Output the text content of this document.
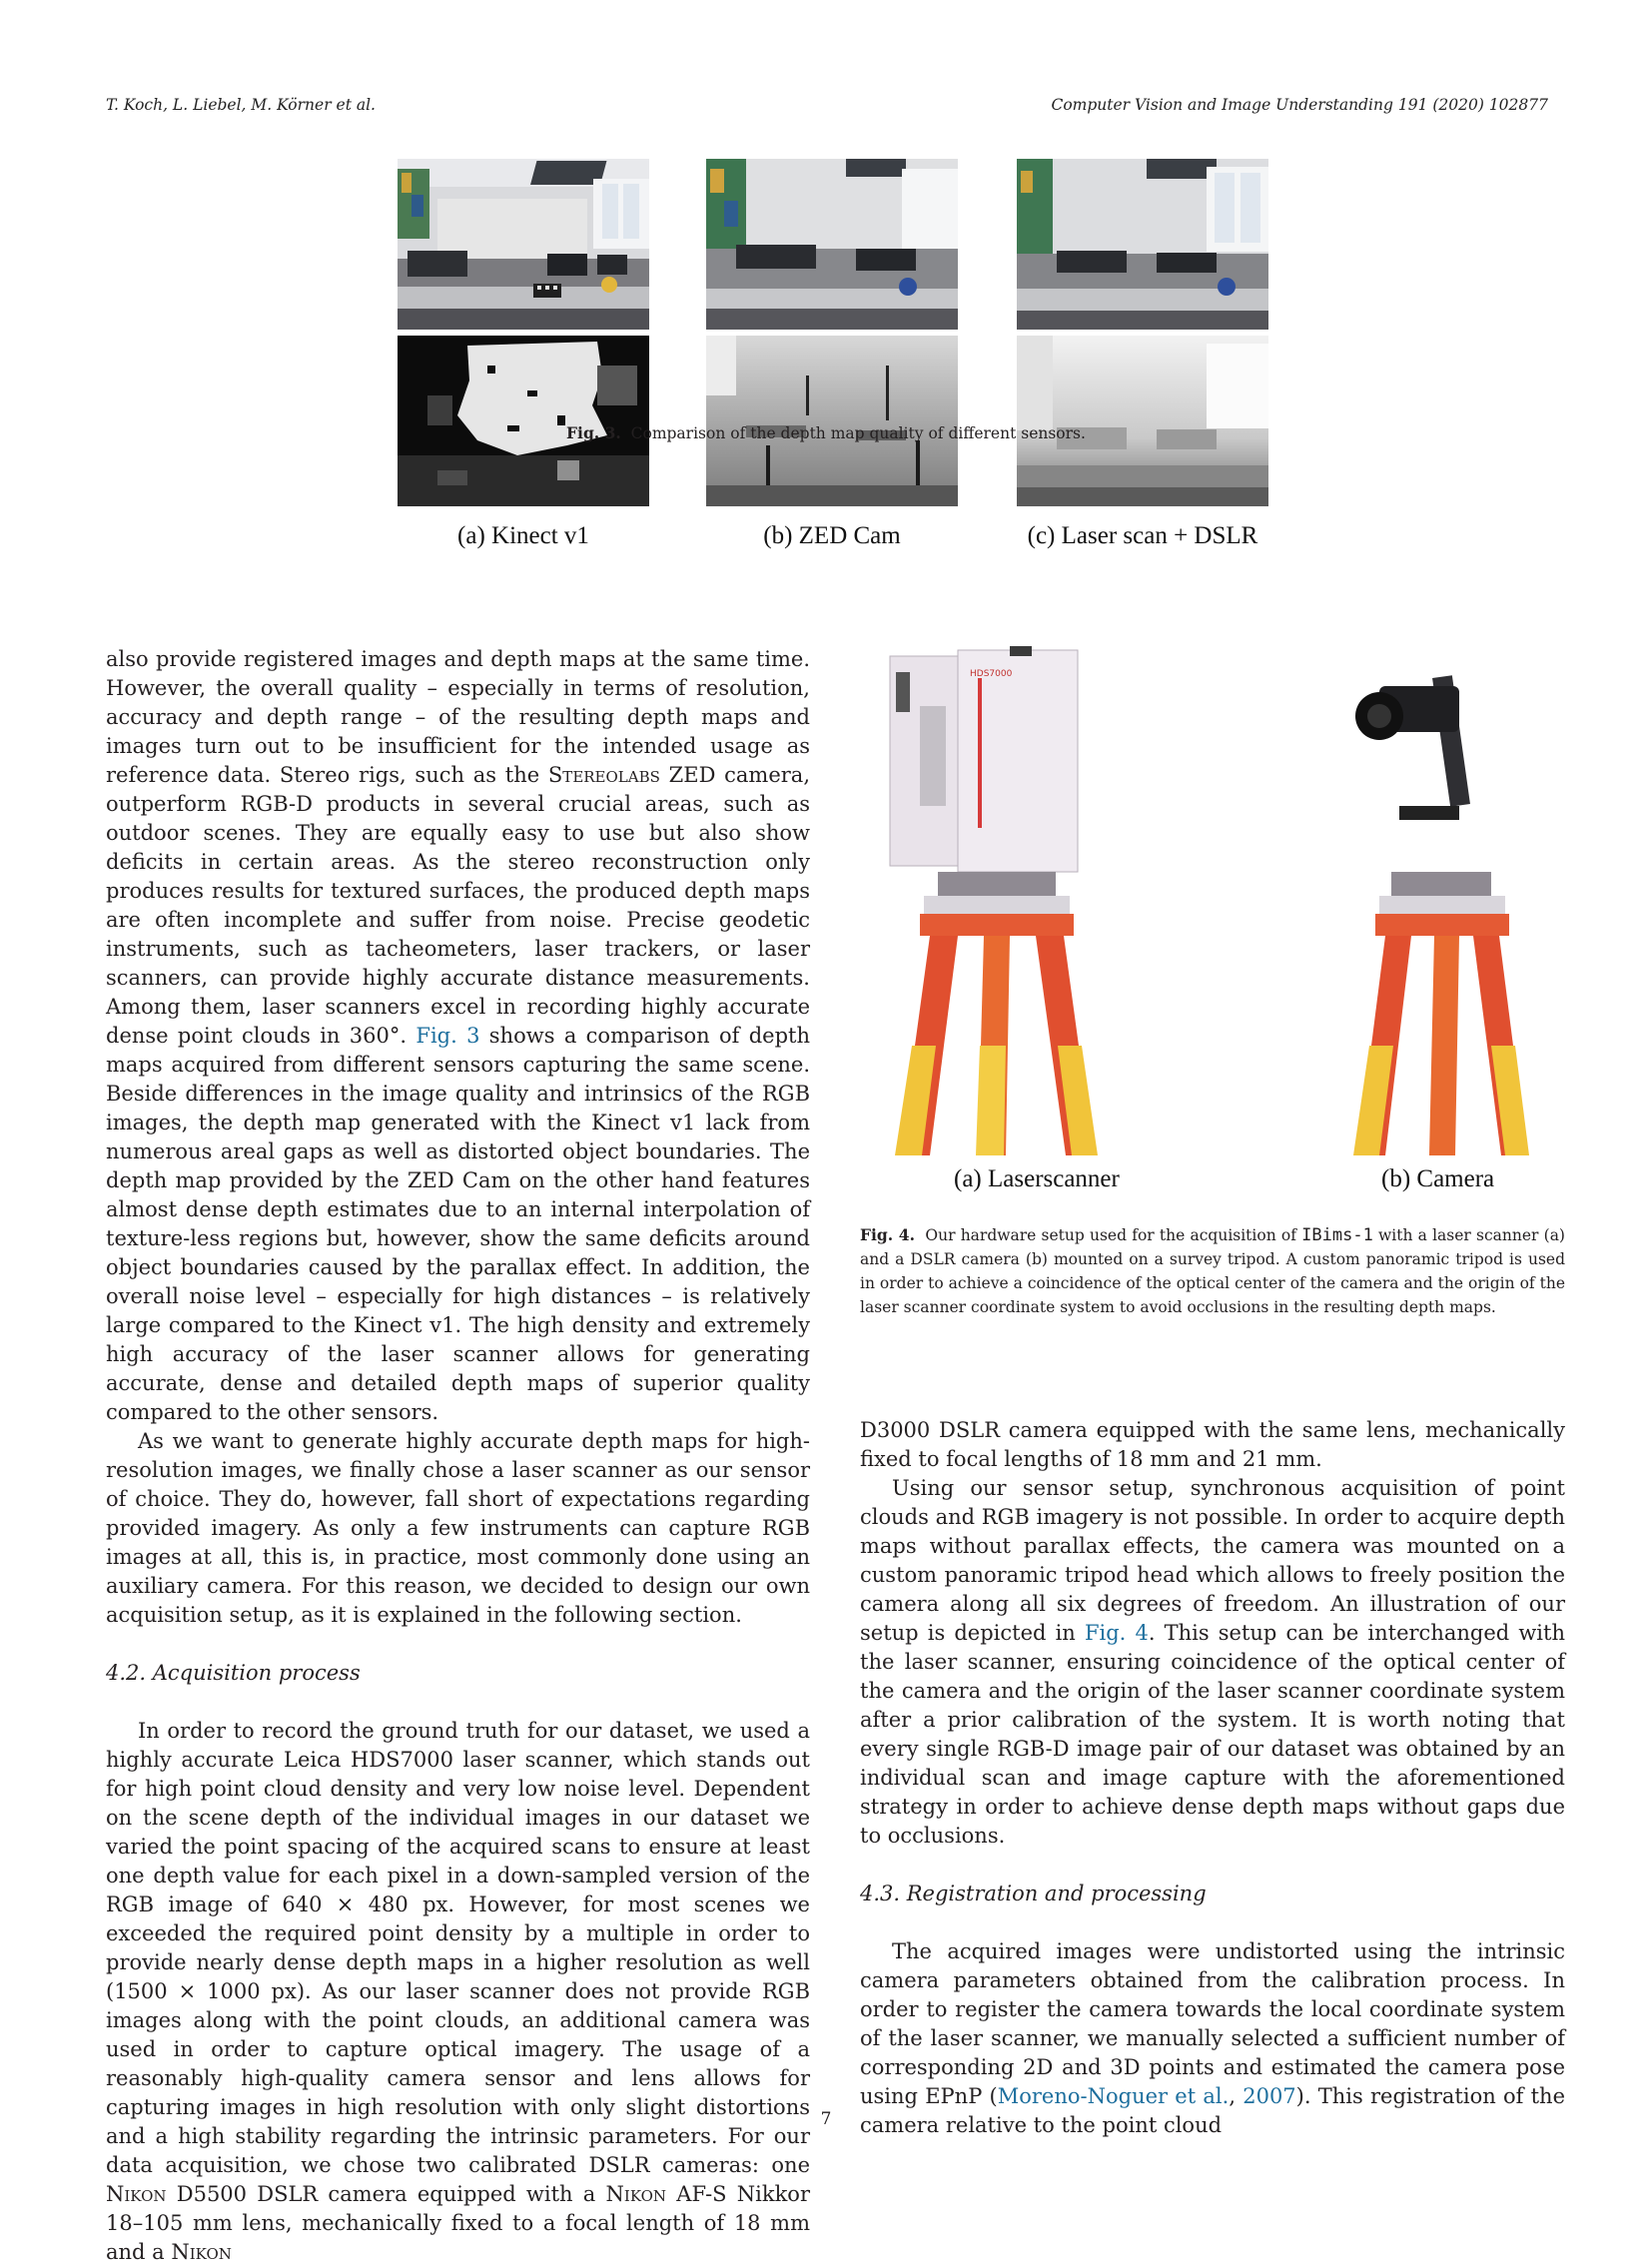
T. Koch, L. Liebel, M. Körner et al.	Computer Vision and Image Understanding 191 (2020) 102877
(a) Kinect v1	(b) ZED Cam	(c) Laser scan + DSLR
Fig. 3. Comparison of the depth map quality of different sensors.

also provide registered images and depth maps at the same time. However, the overall quality – especially in terms of resolution, accuracy and depth range – of the resulting depth maps and images turn out to be insufficient for the intended usage as reference data. Stereo rigs, such as the Stereolabs ZED camera, outperform RGB-D products in several crucial areas, such as outdoor scenes. They are equally easy to use but also show deficits in certain areas. As the stereo reconstruction only produces results for textured surfaces, the produced depth maps are often incomplete and suffer from noise. Precise geodetic instruments, such as tacheometers, laser trackers, or laser scanners, can provide highly accurate distance measurements. Among them, laser scanners excel in recording highly accurate dense point clouds in 360°. Fig. 3 shows a comparison of depth maps acquired from different sensors capturing the same scene. Beside differences in the image quality and intrinsics of the RGB images, the depth map generated with the Kinect v1 lack from numerous areal gaps as well as distorted object boundaries. The depth map provided by the ZED Cam on the other hand features almost dense depth estimates due to an internal interpolation of texture-less regions but, however, show the same deficits around object boundaries caused by the parallax effect. In addition, the overall noise level – especially for high distances – is relatively large compared to the Kinect v1. The high density and extremely high accuracy of the laser scanner allows for generating accurate, dense and detailed depth maps of superior quality compared to the other sensors.

As we want to generate highly accurate depth maps for high-resolution images, we finally chose a laser scanner as our sensor of choice. They do, however, fall short of expectations regarding provided imagery. As only a few instruments can capture RGB images at all, this is, in practice, most commonly done using an auxiliary camera. For this reason, we decided to design our own acquisition setup, as it is explained in the following section.

4.2. Acquisition process

In order to record the ground truth for our dataset, we used a highly accurate Leica HDS7000 laser scanner, which stands out for high point cloud density and very low noise level. Dependent on the scene depth of the individual images in our dataset we varied the point spacing of the acquired scans to ensure at least one depth value for each pixel in a down-sampled version of the RGB image of 640 × 480 px. However, for most scenes we exceeded the required point density by a multiple in order to provide nearly dense depth maps in a higher resolution as well (1500 × 1000 px). As our laser scanner does not provide RGB images along with the point clouds, an additional camera was used in order to capture optical imagery. The usage of a reasonably high-quality camera sensor and lens allows for capturing images in high resolution with only slight distortions and a high stability regarding the intrinsic parameters. For our data acquisition, we chose two calibrated DSLR cameras: one Nikon D5500 DSLR camera equipped with a Nikon AF-S Nikkor 18–105 mm lens, mechanically fixed to a focal length of 18 mm and a Nikon

HDS7000
(a) Laserscanner	(b) Camera
Fig. 4. Our hardware setup used for the acquisition of IBims-1 with a laser scanner (a) and a DSLR camera (b) mounted on a survey tripod. A custom panoramic tripod is used in order to achieve a coincidence of the optical center of the camera and the origin of the laser scanner coordinate system to avoid occlusions in the resulting depth maps.

D3000 DSLR camera equipped with the same lens, mechanically fixed to focal lengths of 18 mm and 21 mm.

Using our sensor setup, synchronous acquisition of point clouds and RGB imagery is not possible. In order to acquire depth maps without parallax effects, the camera was mounted on a custom panoramic tripod head which allows to freely position the camera along all six degrees of freedom. An illustration of our setup is depicted in Fig. 4. This setup can be interchanged with the laser scanner, ensuring coincidence of the optical center of the camera and the origin of the laser scanner coordinate system after a prior calibration of the system. It is worth noting that every single RGB-D image pair of our dataset was obtained by an individual scan and image capture with the aforementioned strategy in order to achieve dense depth maps without gaps due to occlusions.

4.3. Registration and processing

The acquired images were undistorted using the intrinsic camera parameters obtained from the calibration process. In order to register the camera towards the local coordinate system of the laser scanner, we manually selected a sufficient number of corresponding 2D and 3D points and estimated the camera pose using EPnP (Moreno-Noguer et al., 2007). This registration of the camera relative to the point cloud

7
